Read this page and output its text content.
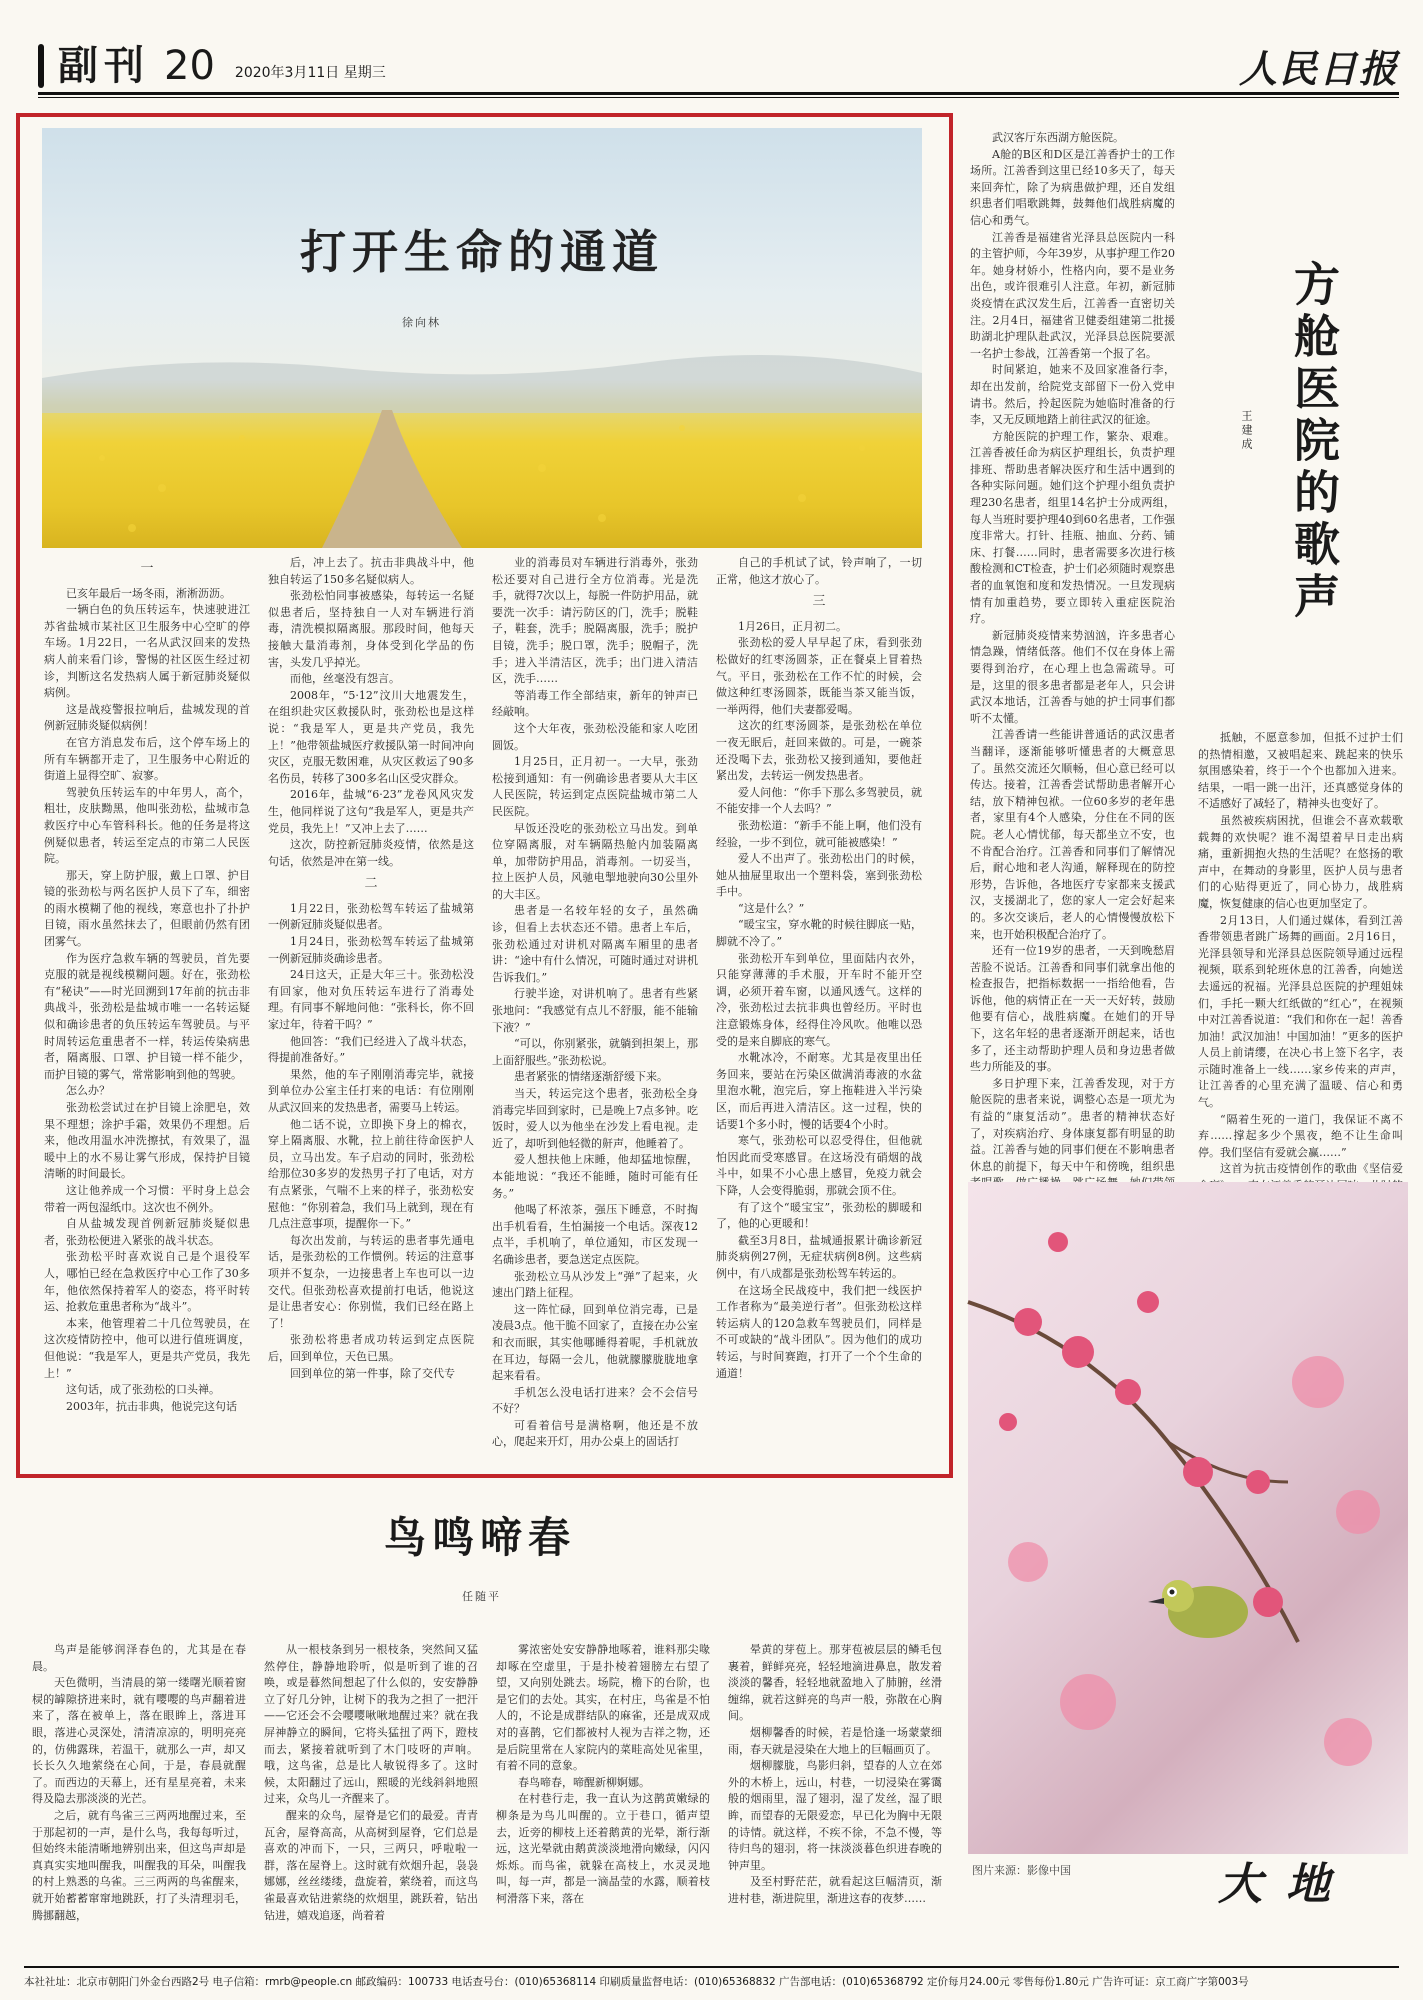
副刊 20 2020年3月11日 星期三	人民日报
打开生命的通道
徐向林
一

已亥年最后一场冬雨，淅淅沥沥。

一辆白色的负压转运车，快速驶进江苏省盐城市某社区卫生服务中心空旷的停车场。1月22日，一名从武汉回来的发热病人前来看门诊，警惕的社区医生经过初诊，判断这名发热病人属于新冠肺炎疑似病例。

这是战疫警报拉响后，盐城发现的首例新冠肺炎疑似病例！

在官方消息发布后，这个停车场上的所有车辆都开走了，卫生服务中心附近的街道上显得空旷、寂寥。

驾驶负压转运车的中年男人，高个，粗壮，皮肤黝黑，他叫张劲松，盐城市急救医疗中心车管科科长。他的任务是将这例疑似患者，转运至定点的市第二人民医院。

那天，穿上防护服，戴上口罩、护目镜的张劲松与两名医护人员下了车，细密的雨水模糊了他的视线，寒意也扑了扑护目镜，雨水虽然抹去了，但眼前仍然有团团雾气。

作为医疗急救车辆的驾驶员，首先要克服的就是视线模糊问题。好在，张劲松有“秘诀”——时光回溯到17年前的抗击非典战斗，张劲松是盐城市唯一一名转运疑似和确诊患者的负压转运车驾驶员。与平时周转运危重患者不一样，转运传染病患者，隔离服、口罩、护目镜一样不能少，而护目镜的雾气，常常影响到他的驾驶。

怎么办？

张劲松尝试过在护目镜上涂肥皂，效果不理想；涂护手霜，效果仍不理想。后来，他改用温水冲洗擦拭，有效果了，温暖中上的水不易让雾气形成，保持护目镜清晰的时间最长。

这让他养成一个习惯：平时身上总会带着一两包湿纸巾。这次也不例外。

自从盐城发现首例新冠肺炎疑似患者，张劲松便进入紧张的战斗状态。

张劲松平时喜欢说自己是个退役军人，哪怕已经在急救医疗中心工作了30多年，他依然保持着军人的姿态，将平时转运、抢救危重患者称为“战斗”。

本来，他管理着二十几位驾驶员，在这次疫情防控中，他可以进行值班调度，但他说：“我是军人，更是共产党员，我先上！”

这句话，成了张劲松的口头禅。

2003年，抗击非典，他说完这句话

后，冲上去了。抗击非典战斗中，他独自转运了150多名疑似病人。

张劲松怕同事被感染，每转运一名疑似患者后，坚持独自一人对车辆进行消毒，清洗模拟隔离服。那段时间，他每天接触大量消毒剂，身体受到化学品的伤害，头发几乎掉光。

而他，丝毫没有怨言。

2008年，“5·12”汶川大地震发生，在组织赴灾区救援队时，张劲松也是这样说：“我是军人，更是共产党员，我先上！”他带领盐城医疗救援队第一时间冲向灾区，克服无数困难，从灾区救运了90多名伤员，转移了300多名山区受灾群众。

2016年，盐城“6·23”龙卷风风灾发生，他同样说了这句“我是军人，更是共产党员，我先上！”又冲上去了……

这次，防控新冠肺炎疫情，依然是这句话，依然是冲在第一线。

二

1月22日，张劲松驾车转运了盐城第一例新冠肺炎疑似患者。

1月24日，张劲松驾车转运了盐城第一例新冠肺炎确诊患者。

24日这天，正是大年三十。张劲松没有回家，他对负压转运车进行了消毒处理。有同事不解地问他：“张科长，你不回家过年，待着干吗？”

他回答：“我们已经进入了战斗状态，得提前准备好。”

果然，他的车子刚刚消毒完毕，就接到单位办公室主任打来的电话：有位刚刚从武汉回来的发热患者，需要马上转运。

他二话不说，立即换下身上的棉衣，穿上隔离服、水靴，拉上前往待命医护人员，立马出发。车子启动的同时，张劲松给那位30多岁的发热男子打了电话，对方有点紧张，气喘不上来的样子，张劲松安慰他：“你别着急，我们马上就到，现在有几点注意事项，提醒你一下。”

每次出发前，与转运的患者事先通电话，是张劲松的工作惯例。转运的注意事项并不复杂，一边接患者上车也可以一边交代。但张劲松喜欢提前打电话，他说这是让患者安心：你别慌，我们已经在路上了！

张劲松将患者成功转运到定点医院后，回到单位，天色已黑。

回到单位的第一件事，除了交代专

业的消毒员对车辆进行消毒外，张劲松还要对自己进行全方位消毒。光是洗手，就得7次以上，每脱一件防护用品，就要洗一次手：请污防区的门，洗手；脱鞋子，鞋套，洗手；脱隔离服，洗手；脱护目镜，洗手；脱口罩，洗手；脱帽子，洗手；进入半清洁区，洗手；出门进入清洁区，洗手……

等消毒工作全部结束，新年的钟声已经敲响。

这个大年夜，张劲松没能和家人吃团圆饭。

1月25日，正月初一。一大早，张劲松接到通知：有一例确诊患者要从大丰区人民医院，转运到定点医院盐城市第二人民医院。

早饭还没吃的张劲松立马出发。到单位穿隔离服，对车辆隔热舱内加装隔离单，加带防护用品，消毒剂。一切妥当，拉上医护人员，风驰电掣地驶向30公里外的大丰区。

患者是一名较年轻的女子，虽然确诊，但看上去状态还不错。患者上车后，张劲松通过对讲机对隔离车厢里的患者讲：“途中有什么情况，可随时通过对讲机告诉我们。”

行驶半途，对讲机响了。患者有些紧张地问：“我感觉有点儿不舒服，能不能输下液？”

“可以，你别紧张，就躺到担架上，那上面舒服些。”张劲松说。

患者紧张的情绪逐渐舒缓下来。

当天，转运完这个患者，张劲松全身消毒完毕回到家时，已是晚上7点多钟。吃饭时，爱人以为他坐在沙发上看电视。走近了，却听到他轻微的鼾声，他睡着了。

爱人想扶他上床睡，他却猛地惊醒，本能地说：“我还不能睡，随时可能有任务。”

他喝了杯浓茶，强压下睡意，不时掏出手机看看，生怕漏接一个电话。深夜12点半，手机响了，单位通知，市区发现一名确诊患者，要急送定点医院。

张劲松立马从沙发上“弹”了起来，火速出门踏上征程。

这一阵忙碌，回到单位消完毒，已是凌晨3点。他干脆不回家了，直接在办公室和衣而眠，其实他哪睡得着呢，手机就放在耳边，每隔一会儿，他就朦朦胧胧地拿起来看看。

手机怎么没电话打进来？会不会信号不好？

可看着信号是满格啊，他还是不放心，爬起来开灯，用办公桌上的固话打

自己的手机试了试，铃声响了，一切正常，他这才放心了。

三

1月26日，正月初二。

张劲松的爱人早早起了床，看到张劲松做好的红枣汤圆茶，正在餐桌上冒着热气。平日，张劲松在工作不忙的时候，会做这种红枣汤圆茶，既能当茶又能当饭，一举两得，他们夫妻都爱喝。

这次的红枣汤圆茶，是张劲松在单位一夜无眠后，赶回来做的。可是，一碗茶还没喝下去，张劲松又接到通知，要他赶紧出发，去转运一例发热患者。

爱人问他：“你手下那么多驾驶员，就不能安排一个人去吗？”

张劲松道：“新手不能上啊，他们没有经验，一步不到位，就可能被感染！”

爱人不出声了。张劲松出门的时候，她从抽屉里取出一个塑料袋，塞到张劲松手中。

“这是什么？”

“暖宝宝，穿水靴的时候往脚底一贴，脚就不冷了。”

张劲松开车到单位，里面陆内衣外，只能穿薄薄的手术服，开车时不能开空调，必须开着车窗，以通风透气。这样的冷，张劲松过去抗非典也曾经历。平时也注意锻炼身体，经得住冷风吹。他唯以恐受的是来自脚底的寒气。

水靴冰冷，不耐寒。尤其是夜里出任务回来，要站在污染区做满消毒液的水盆里泡水靴，泡完后，穿上拖鞋进入半污染区，而后再进入清洁区。这一过程，快的话要1个多小时，慢的话要4个小时。

寒气，张劲松可以忍受得住，但他就怕因此而受寒感冒。在这场没有硝烟的战斗中，如果不小心患上感冒，免疫力就会下降，人会变得脆弱，那就会顶不住。

有了这个“暖宝宝”，张劲松的脚暖和了，他的心更暖和！

截至3月8日，盐城通报累计确诊新冠肺炎病例27例，无症状病例8例。这些病例中，有八成都是张劲松驾车转运的。

在这场全民战疫中，我们把一线医护工作者称为“最美逆行者”。但张劲松这样转运病人的120急救车驾驶员们，同样是不可或缺的“战斗团队”。因为他们的成功转运，与时间赛跑，打开了一个个生命的通道！

武汉客厅东西湖方舱医院。

A舱的B区和D区是江善香护士的工作场所。江善香到这里已经10多天了，每天来回奔忙，除了为病患做护理，还自发组织患者们唱歌跳舞，鼓舞他们战胜病魔的信心和勇气。

江善香是福建省光泽县总医院内一科的主管护师，今年39岁，从事护理工作20年。她身材娇小，性格内向，要不是业务出色，或许很难引人注意。年初，新冠肺炎疫情在武汉发生后，江善香一直密切关注。2月4日，福建省卫健委组建第二批援助湖北护理队赴武汉，光泽县总医院要派一名护士参战，江善香第一个报了名。

时间紧迫，她来不及回家准备行李，却在出发前，给院党支部留下一份入党申请书。然后，拎起医院为她临时准备的行李，又无反顾地踏上前往武汉的征途。

方舱医院的护理工作，繁杂、艰难。江善香被任命为病区护理组长，负责护理排班、帮助患者解决医疗和生活中遇到的各种实际问题。她们这个护理小组负责护理230名患者，组里14名护士分成两组，每人当班时要护理40到60名患者，工作强度非常大。打针、挂瓶、抽血、分药、铺床、打餐……同时，患者需要多次进行核酸检测和CT检查，护士们必须随时观察患者的血氧饱和度和发热情况。一旦发现病情有加重趋势，要立即转入重症医院治疗。

新冠肺炎疫情来势汹汹，许多患者心情急躁，情绪低落。他们不仅在身体上需要得到治疗，在心理上也急需疏导。可是，这里的很多患者都是老年人，只会讲武汉本地话，江善香与她的护士同事们都听不太懂。

江善香请一些能讲普通话的武汉患者当翻译，逐渐能够听懂患者的大概意思了。虽然交流还欠顺畅，但心意已经可以传达。接着，江善香尝试帮助患者解开心结，放下精神包袱。一位60多岁的老年患者，家里有4个人感染，分住在不同的医院。老人心情忧郁，每天都坐立不安，也不肯配合治疗。江善香和同事们了解情况后，耐心地和老人沟通，解释现在的防控形势，告诉他，各地医疗专家都来支援武汉，支援湖北了，您的家人一定会好起来的。多次交谈后，老人的心情慢慢放松下来，也开始积极配合治疗了。

还有一位19岁的患者，一天到晚愁眉苦脸不说话。江善香和同事们就拿出他的检查报告，把指标数据一一指给他看，告诉他，他的病情正在一天一天好转，鼓励他要有信心，战胜病魔。在她们的开导下，这名年轻的患者逐渐开朗起来，话也多了，还主动帮助护理人员和身边患者做些力所能及的事。

多日护理下来，江善香发现，对于方舱医院的患者来说，调整心态是一项尤为有益的“康复活动”。患者的精神状态好了，对疾病治疗、身体康复都有明显的助益。江善香与她的同事们便在不影响患者休息的前提下，每天中午和傍晚，组织患

方舱医院的歌声
王建成

抵触，不愿意参加，但抵不过护士们的热情相邀，又被唱起来、跳起来的快乐氛围感染着，终于一个个也都加入进来。结果，一唱一跳一出汗，还真感觉身体的不适感好了减轻了，精神头也变好了。

虽然被疾病困扰，但谁会不喜欢载歌载舞的欢快呢？谁不渴望着早日走出病痛，重新拥抱火热的生活呢？在悠扬的歌声中，在舞动的身影里，医护人员与患者们的心贴得更近了，同心协力，战胜病魔，恢复健康的信心也更加坚定了。

2月13日，人们通过媒体，看到江善香带领患者跳广场舞的画面。2月16日，光泽县领导和光泽县总医院领导通过远程视频，联系到轮班休息的江善香，向她送去遥远的祝福。光泽县总医院的护理姐妹们，手托一颗大红纸做的“红心”，在视频中对江善香说道：“我们和你在一起！善香加油！武汉加油！中国加油！”更多的医护人员上前请缨，在决心书上签下名字，表示随时准备上一线……家乡传来的声声，让江善香的心里充满了温暖、信心和勇气。

“隔着生死的一道门，我保证不离不弃……撑起多少个黑夜，绝不让生命叫停。我们坚信有爱就会赢……”

这首为抗击疫情创作的歌曲《坚信爱

鸟鸣啼春
任随平

鸟声是能够润泽春色的，尤其是在春晨。

天色微明，当清晨的第一缕曙光顺着窗棂的罅隙挤进来时，就有嘤嘤的鸟声翻着进来了，落在被单上，落在眼眸上，落进耳眼，落进心灵深处，清清凉凉的，明明亮亮的，仿佛露珠，若温干，就那么一声，却又长长久久地萦绕在心间，于是，春晨就醒了。而西边的天幕上，还有星星亮着，未来得及隐去那淡淡的光芒。

之后，就有鸟雀三三两两地醒过来，至于那起初的一声，是什么鸟，我每每听过，但始终未能清晰地辨别出来，但这鸟声却是真真实实地叫醒我，叫醒我的耳朵，叫醒我的村上熟悉的乌雀。三三两两的鸟雀醒来，就开始蓄蓄窜窜地跳跃，打了头清理羽毛，腾挪翻越，

从一根枝条到另一根枝条，突然间又猛然停住，静静地聆听，似是听到了谁的召唤，或是暮然间想起了什么似的，安安静静立了好几分钟，让树下的我为之担了一把汗——它还会不会嘤嘤啾啾地醒过来？就在我屏神静立的瞬间，它将头猛扭了两下，蹬枝而去，紧接着就听到了木门吱呀的声响。哦，这鸟雀，总是比人敏锐得多了。这时候，太阳翻过了远山，熙暖的光线斜斜地照过来，众鸟儿一齐醒来了。

醒来的众鸟，屋脊是它们的最爱。青青瓦舍，屋脊高高，从高树到屋脊，它们总是喜欢的冲而下，一只，三两只，呼啦啦一群，落在屋脊上。这时就有炊烟升起，袅袅娜娜，丝丝缕缕，盘旋着，萦绕着，而这鸟雀最喜欢钻进萦绕的炊烟里，跳跃着，钻出钻进，嬉戏追逐，尚着着

雾浓密处安安静静地啄着，谁料那尖喙却啄在空虚里，于是扑棱着翅膀左右望了望，又向别处跳去。场院，檐下的台阶，也是它们的去处。其实，在村庄，鸟雀是不怕人的，不论是成群结队的麻雀，还是成双成对的喜鹊，它们都被村人视为吉祥之物，还是后院里常在人家院内的菜畦高处见雀里，有着不同的意象。

春鸟啼春，啼醒新柳婀娜。

在村巷行走，我一直认为这鹊黄嫩绿的柳条是为鸟儿叫醒的。立于巷口，循声望去，近旁的柳枝上还着鹅黄的光晕，渐行渐远，这光晕就由鹅黄淡淡地滑向嫩绿，闪闪烁烁。而鸟雀，就躲在高枝上，水灵灵地叫，每一声，都是一滴晶莹的水露，顺着枝柯滑落下来，落在

晕黄的芽苞上。那芽苞被层层的鳞毛包裹着，鲜鲜亮亮，轻轻地滴进鼻息，散发着淡淡的馨香，轻轻地就盈地入了肺腑，丝滑缠绵，就若这鲜亮的鸟声一般，弥散在心胸间。

烟柳馨香的时候，若是恰逢一场蒙蒙细雨，春天就是浸染在大地上的巨幅画页了。

烟柳朦胧，鸟影归斜，望春的人立在郊外的木桥上，远山，村巷，一切浸染在雾霭般的烟雨里，湿了翅羽，湿了发丝，湿了眼眸，而望春的无限爱恋，早已化为胸中无限的诗情。就这样，不疾不徐，不急不慢，等待归鸟的翅羽，将一抹淡淡暮色织进春晚的钟声里。

及至村野茫茫，就看起这巨幅清页，渐进村巷，渐进院里，渐进这春的夜梦……

图片来源：影像中国	大地
本社社址：北京市朝阳门外金台西路2号 电子信箱：rmrb@people.cn 邮政编码：100733 电话查号台：(010)65368114 印刷质量监督电话：(010)65368832 广告部电话：(010)65368792 定价每月24.00元 零售每份1.80元 广告许可证：京工商广字第003号
